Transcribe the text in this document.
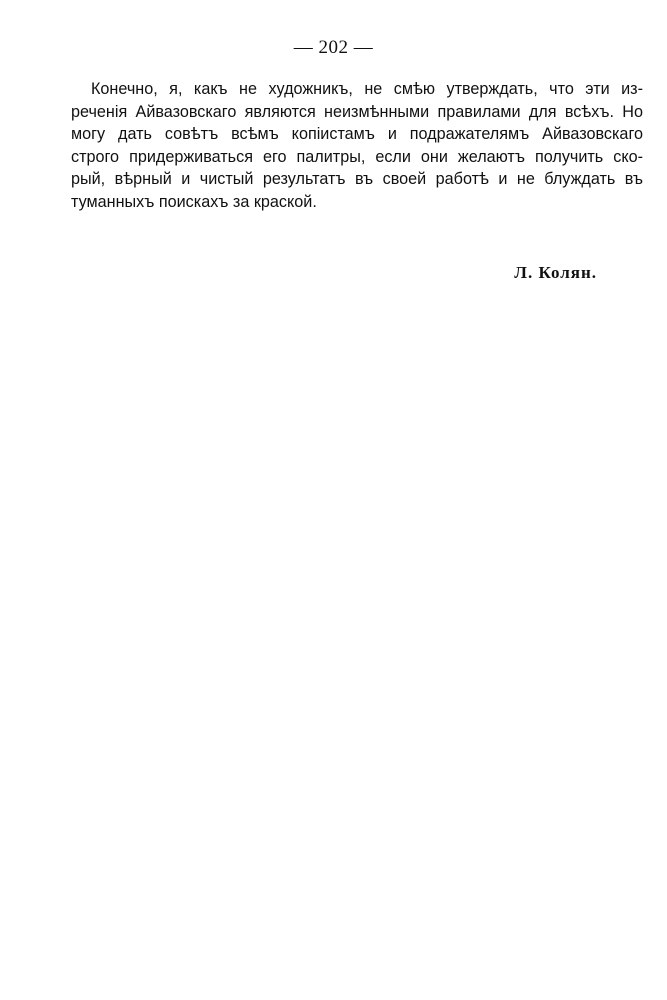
— 202 —
Конечно, я, какъ не художникъ, не смѣю утверждать, что эти из-
реченія Айвазовскаго являются неизмѣнными правилами для всѣхъ. Но
могу дать совѣтъ всѣмъ копіистамъ и подражателямъ Айвазовскаго
строго придерживаться его палитры, если они желаютъ получить ско-
рый, вѣрный и чистый результатъ въ своей работѣ и не блуждать въ
туманныхъ поискахъ за краской.
Л. Колян.
